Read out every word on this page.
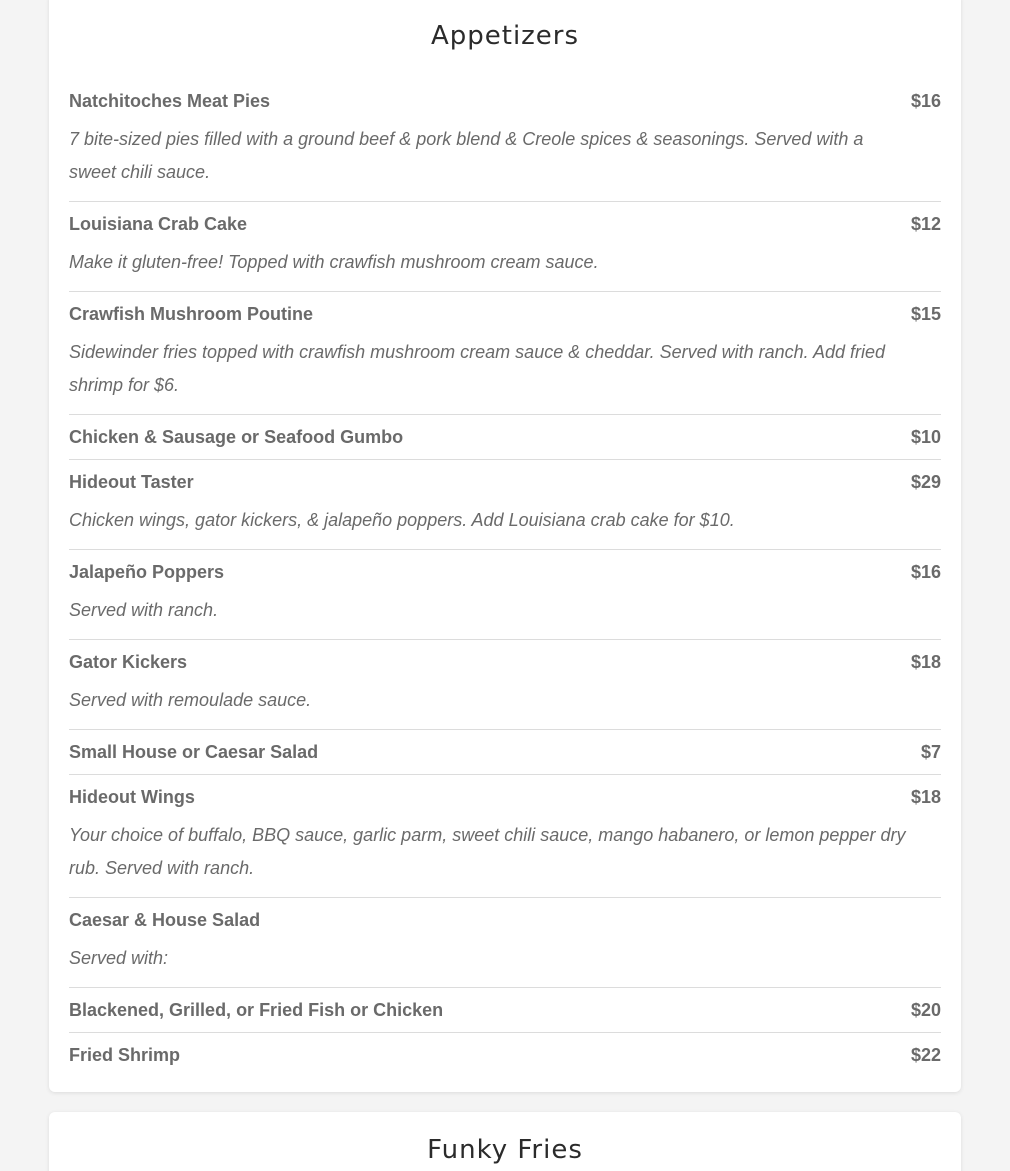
Appetizers
Natchitoches Meat Pies	$16

7 bite-sized pies filled with a ground beef & pork blend & Creole spices & seasonings. Served with a sweet chili sauce.

Louisiana Crab Cake	$12

Make it gluten-free! Topped with crawfish mushroom cream sauce.

Crawfish Mushroom Poutine	$15

Sidewinder fries topped with crawfish mushroom cream sauce & cheddar. Served with ranch. Add fried shrimp for $6.

Chicken & Sausage or Seafood Gumbo	$10
Hideout Taster	$29

Chicken wings, gator kickers, & jalapeño poppers. Add Louisiana crab cake for $10.

Jalapeño Poppers	$16

Served with ranch.

Gator Kickers	$18

Served with remoulade sauce.

Small House or Caesar Salad	$7
Hideout Wings	$18

Your choice of buffalo, BBQ sauce, garlic parm, sweet chili sauce, mango habanero, or lemon pepper dry rub. Served with ranch.

Caesar & House Salad

Served with:

Blackened, Grilled, or Fried Fish or Chicken	$20
Fried Shrimp	$22
Funky Fries
